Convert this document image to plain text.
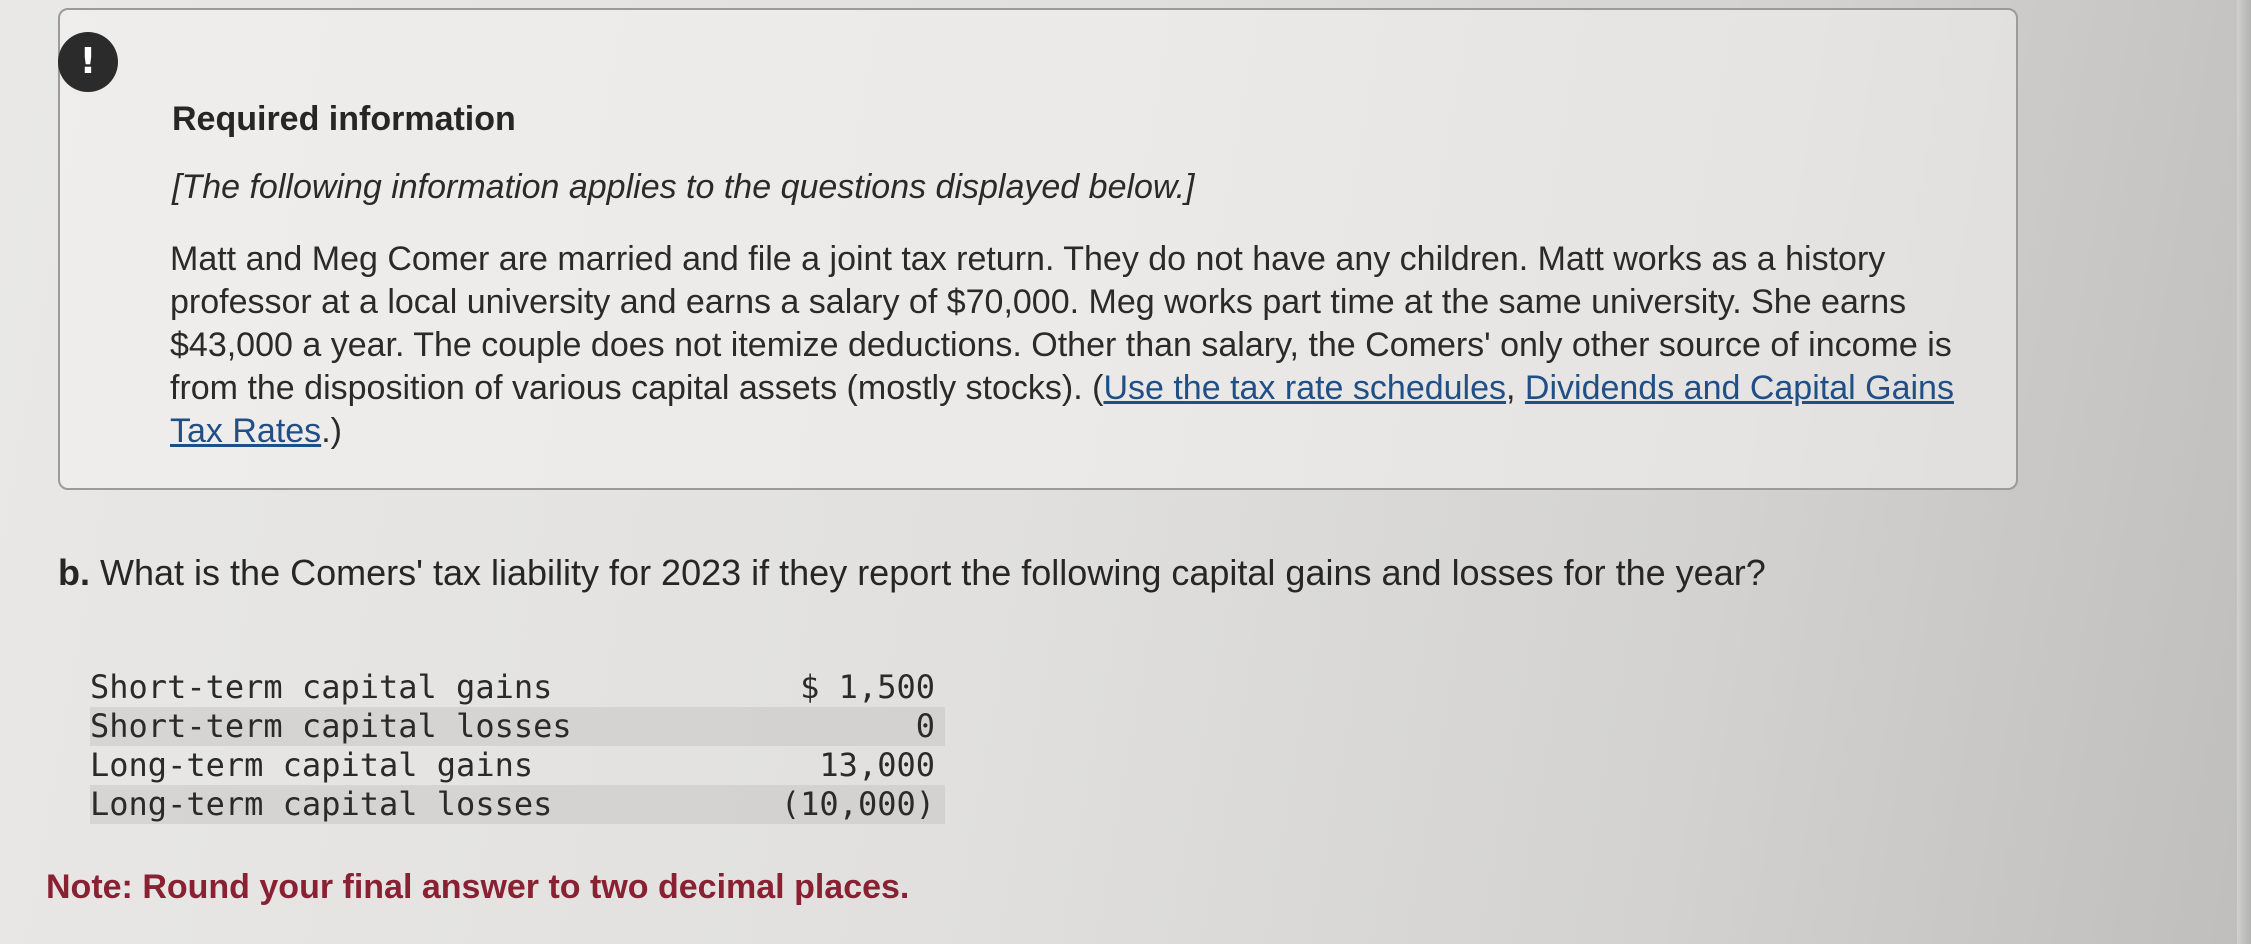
!
Required information
[The following information applies to the questions displayed below.]
Matt and Meg Comer are married and file a joint tax return. They do not have any children. Matt works as a history professor at a local university and earns a salary of $70,000. Meg works part time at the same university. She earns $43,000 a year. The couple does not itemize deductions. Other than salary, the Comers' only other source of income is from the disposition of various capital assets (mostly stocks). (Use the tax rate schedules, Dividends and Capital Gains Tax Rates.)
b. What is the Comers' tax liability for 2023 if they report the following capital gains and losses for the year?
Short-term capital gains	$ 1,500
Short-term capital losses	0
Long-term capital gains	13,000
Long-term capital losses	(10,000)
Note: Round your final answer to two decimal places.
